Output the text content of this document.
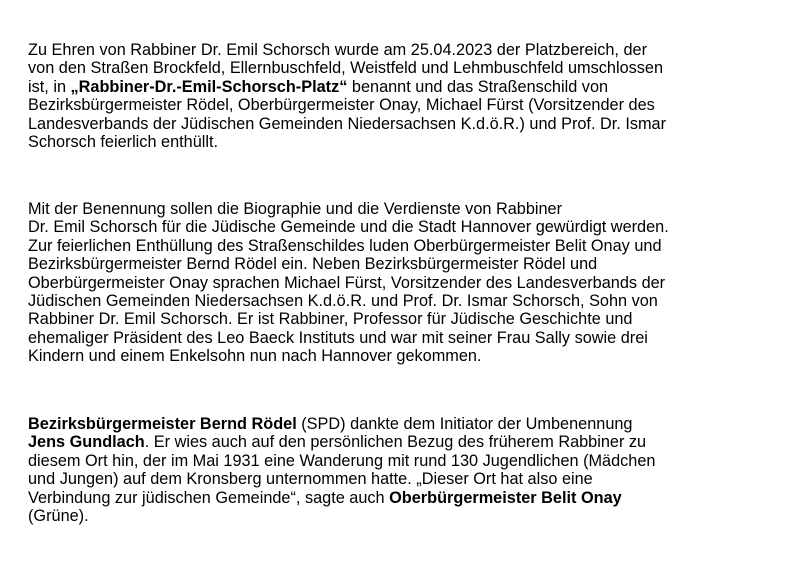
Zu Ehren von Rabbiner Dr. Emil Schorsch wurde am 25.04.2023 der Platzbereich, der
von den Straßen Brockfeld, Ellernbuschfeld, Weistfeld und Lehmbuschfeld umschlossen
ist, in „Rabbiner-Dr.-Emil-Schorsch-Platz“ benannt und das Straßenschild von
Bezirksbürgermeister Rödel, Oberbürgermeister Onay, Michael Fürst (Vorsitzender des
Landesverbands der Jüdischen Gemeinden Niedersachsen K.d.ö.R.) und Prof. Dr. Ismar
Schorsch feierlich enthüllt.

Mit der Benennung sollen die Biographie und die Verdienste von Rabbiner
Dr. Emil Schorsch für die Jüdische Gemeinde und die Stadt Hannover gewürdigt werden.
Zur feierlichen Enthüllung des Straßenschildes luden Oberbürgermeister Belit Onay und
Bezirksbürgermeister Bernd Rödel ein. Neben Bezirksbürgermeister Rödel und
Oberbürgermeister Onay sprachen Michael Fürst, Vorsitzender des Landesverbands der
Jüdischen Gemeinden Niedersachsen K.d.ö.R. und Prof. Dr. Ismar Schorsch, Sohn von
Rabbiner Dr. Emil Schorsch. Er ist Rabbiner, Professor für Jüdische Geschichte und
ehemaliger Präsident des Leo Baeck Instituts und war mit seiner Frau Sally sowie drei
Kindern und einem Enkelsohn nun nach Hannover gekommen.

Bezirksbürgermeister Bernd Rödel (SPD) dankte dem Initiator der Umbenennung
Jens Gundlach. Er wies auch auf den persönlichen Bezug des früherem Rabbiner zu
diesem Ort hin, der im Mai 1931 eine Wanderung mit rund 130 Jugendlichen (Mädchen
und Jungen) auf dem Kronsberg unternommen hatte. „Dieser Ort hat also eine
Verbindung zur jüdischen Gemeinde“, sagte auch Oberbürgermeister Belit Onay
(Grüne).
